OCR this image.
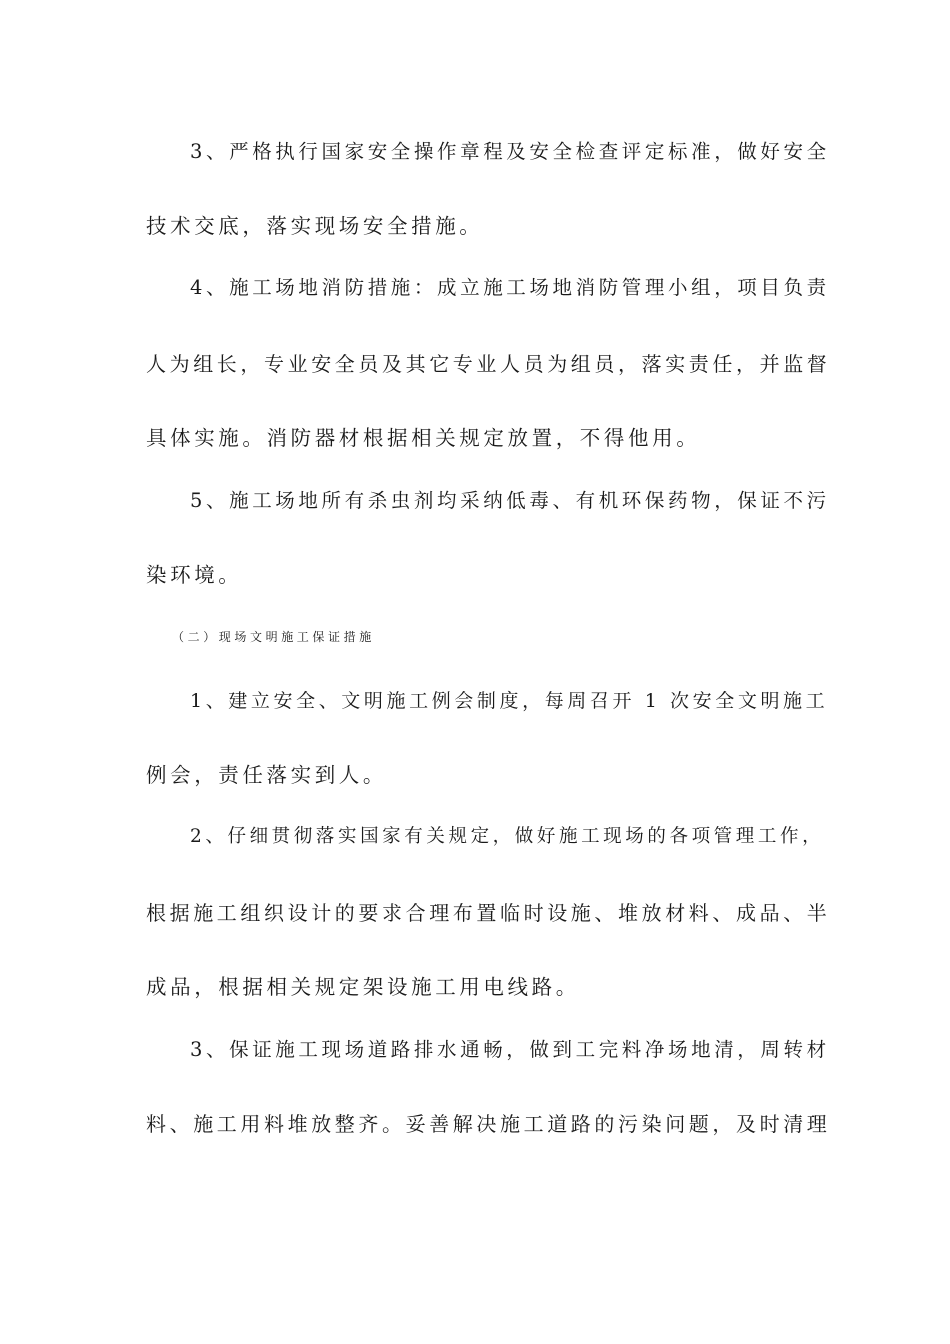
3、严格执行国家安全操作章程及安全检查评定标准，做好安全
技术交底，落实现场安全措施。
4、施工场地消防措施：成立施工场地消防管理小组，项目负责
人为组长，专业安全员及其它专业人员为组员，落实责任，并监督
具体实施。消防器材根据相关规定放置，不得他用。
5、施工场地所有杀虫剂均采纳低毒、有机环保药物，保证不污
染环境。
（二）现场文明施工保证措施
1、建立安全、文明施工例会制度，每周召开 1 次安全文明施工
例会，责任落实到人。
2、仔细贯彻落实国家有关规定，做好施工现场的各项管理工作，
根据施工组织设计的要求合理布置临时设施、堆放材料、成品、半
成品，根据相关规定架设施工用电线路。
3、保证施工现场道路排水通畅，做到工完料净场地清，周转材
料、施工用料堆放整齐。妥善解决施工道路的污染问题，及时清理
